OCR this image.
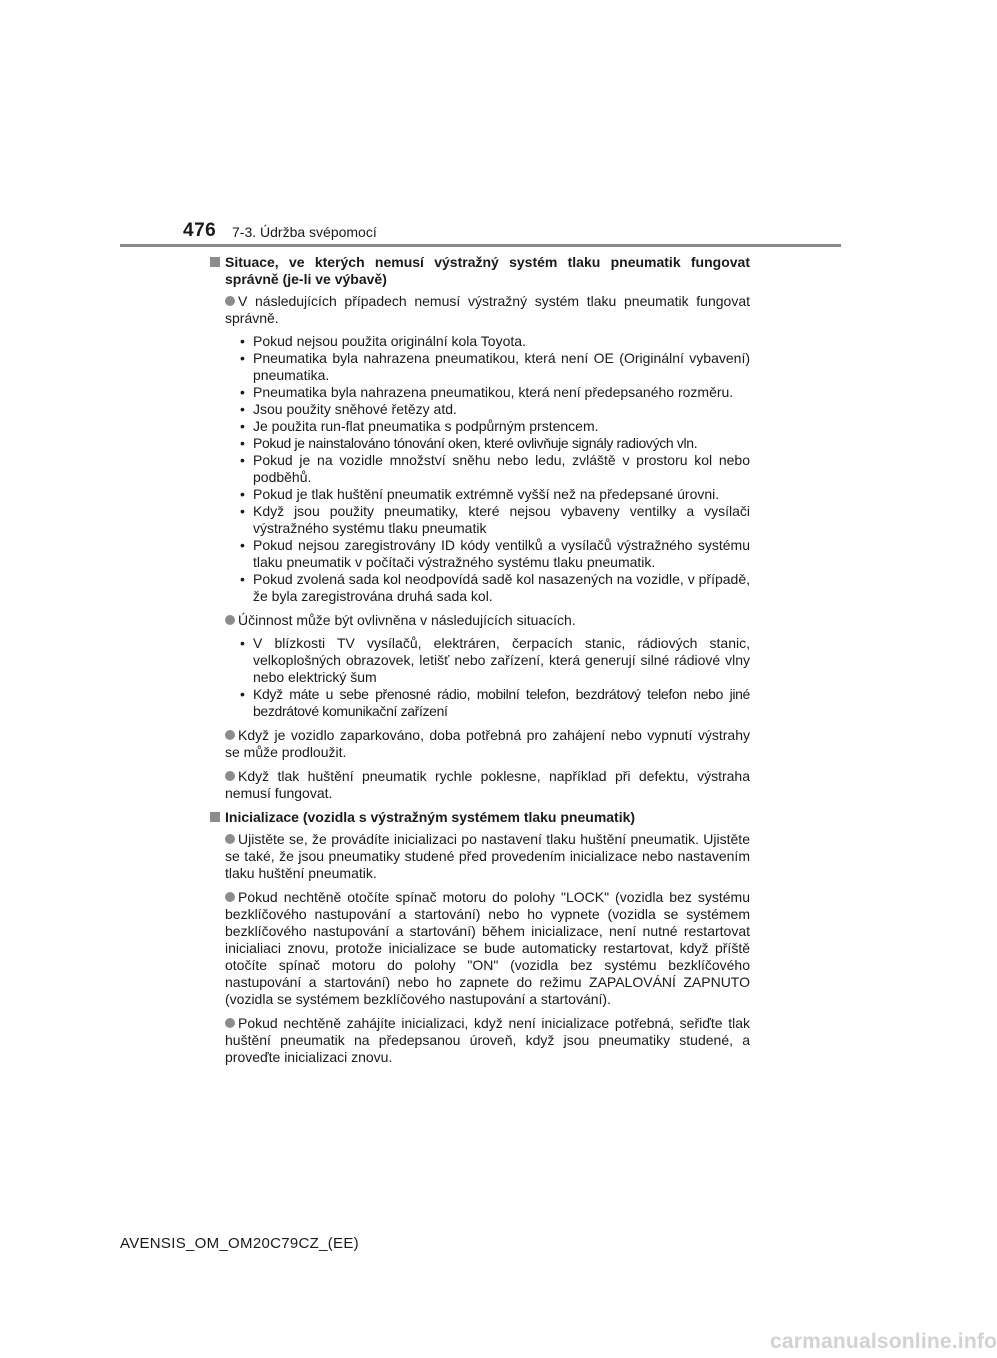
476 7-3. Údržba svépomocí
Situace, ve kterých nemusí výstražný systém tlaku pneumatik fungovat správně (je-li ve výbavě)
V následujících případech nemusí výstražný systém tlaku pneumatik fungovat správně.
• Pokud nejsou použita originální kola Toyota.
• Pneumatika byla nahrazena pneumatikou, která není OE (Originální vybavení) pneumatika.
• Pneumatika byla nahrazena pneumatikou, která není předepsaného rozměru.
• Jsou použity sněhové řetězy atd.
• Je použita run-flat pneumatika s podpůrným prstencem.
• Pokud je nainstalováno tónování oken, které ovlivňuje signály radiových vln.
• Pokud je na vozidle množství sněhu nebo ledu, zvláště v prostoru kol nebo podběhů.
• Pokud je tlak huštění pneumatik extrémně vyšší než na předepsané úrovni.
• Když jsou použity pneumatiky, které nejsou vybaveny ventilky a vysílači výstražného systému tlaku pneumatik
• Pokud nejsou zaregistrovány ID kódy ventilků a vysílačů výstražného systému tlaku pneumatik v počítači výstražného systému tlaku pneumatik.
• Pokud zvolená sada kol neodpovídá sadě kol nasazených na vozidle, v případě, že byla zaregistrována druhá sada kol.
Účinnost může být ovlivněna v následujících situacích.
• V blízkosti TV vysílačů, elektráren, čerpacích stanic, rádiových stanic, velkoplošných obrazovek, letišť nebo zařízení, která generují silné rádiové vlny nebo elektrický šum
• Když máte u sebe přenosné rádio, mobilní telefon, bezdrátový telefon nebo jiné bezdrátové komunikační zařízení
Když je vozidlo zaparkováno, doba potřebná pro zahájení nebo vypnutí výstrahy se může prodloužit.
Když tlak huštění pneumatik rychle poklesne, například při defektu, výstraha nemusí fungovat.
Inicializace (vozidla s výstražným systémem tlaku pneumatik)
Ujistěte se, že provádíte inicializaci po nastavení tlaku huštění pneumatik. Ujistěte se také, že jsou pneumatiky studené před provedením inicializace nebo nastavením tlaku huštění pneumatik.
Pokud nechtěně otočíte spínač motoru do polohy "LOCK" (vozidla bez systému bezklíčového nastupování a startování) nebo ho vypnete (vozidla se systémem bezklíčového nastupování a startování) během inicializace, není nutné restartovat inicialiaci znovu, protože inicializace se bude automaticky restartovat, když příště otočíte spínač motoru do polohy "ON" (vozidla bez systému bezklíčového nastupování a startování) nebo ho zapnete do režimu ZAPALOVÁNÍ ZAPNUTO (vozidla se systémem bezklíčového nastupování a startování).
Pokud nechtěně zahájíte inicializaci, když není inicializace potřebná, seřiďte tlak huštění pneumatik na předepsanou úroveň, když jsou pneumatiky studené, a proveďte inicializaci znovu.
AVENSIS_OM_OM20C79CZ_(EE)
carmanualsonline.info
